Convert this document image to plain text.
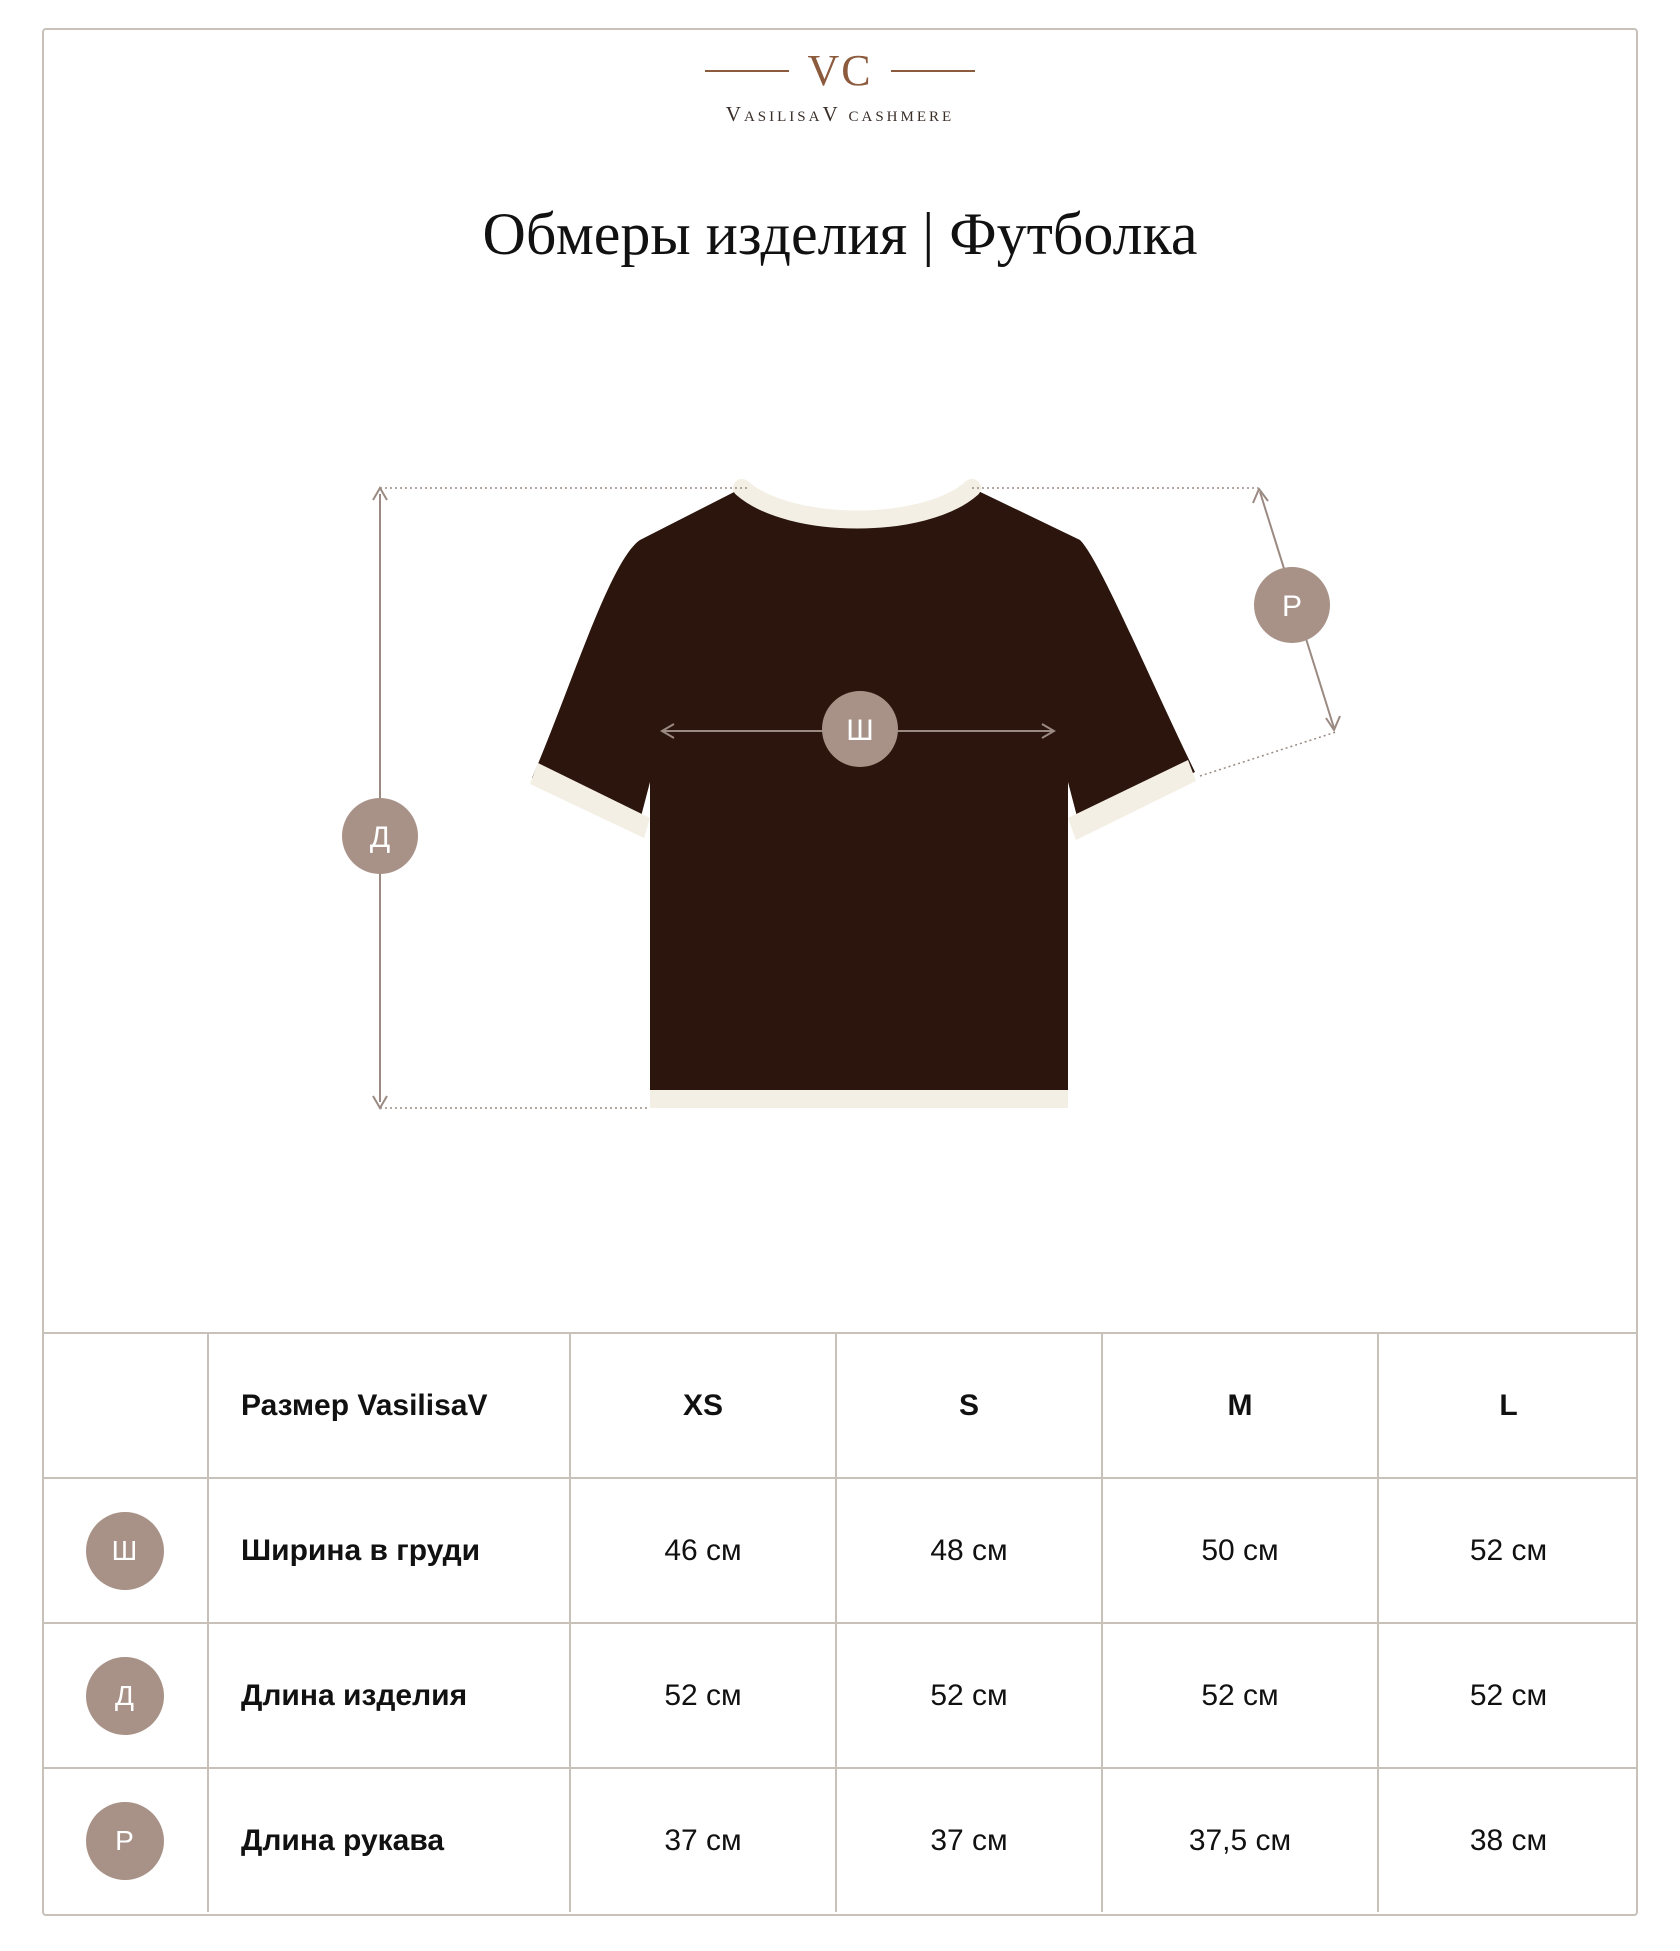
VC
VasilisaV cashmere
Обмеры изделия | Футболка
Д
Ш
Р
	Размер VasilisaV	XS	S	M	L
Ш	Ширина в груди	46 см	48 см	50 см	52 см
Д	Длина изделия	52 см	52 см	52 см	52 см
Р	Длина рукава	37 см	37 см	37,5 см	38 см
